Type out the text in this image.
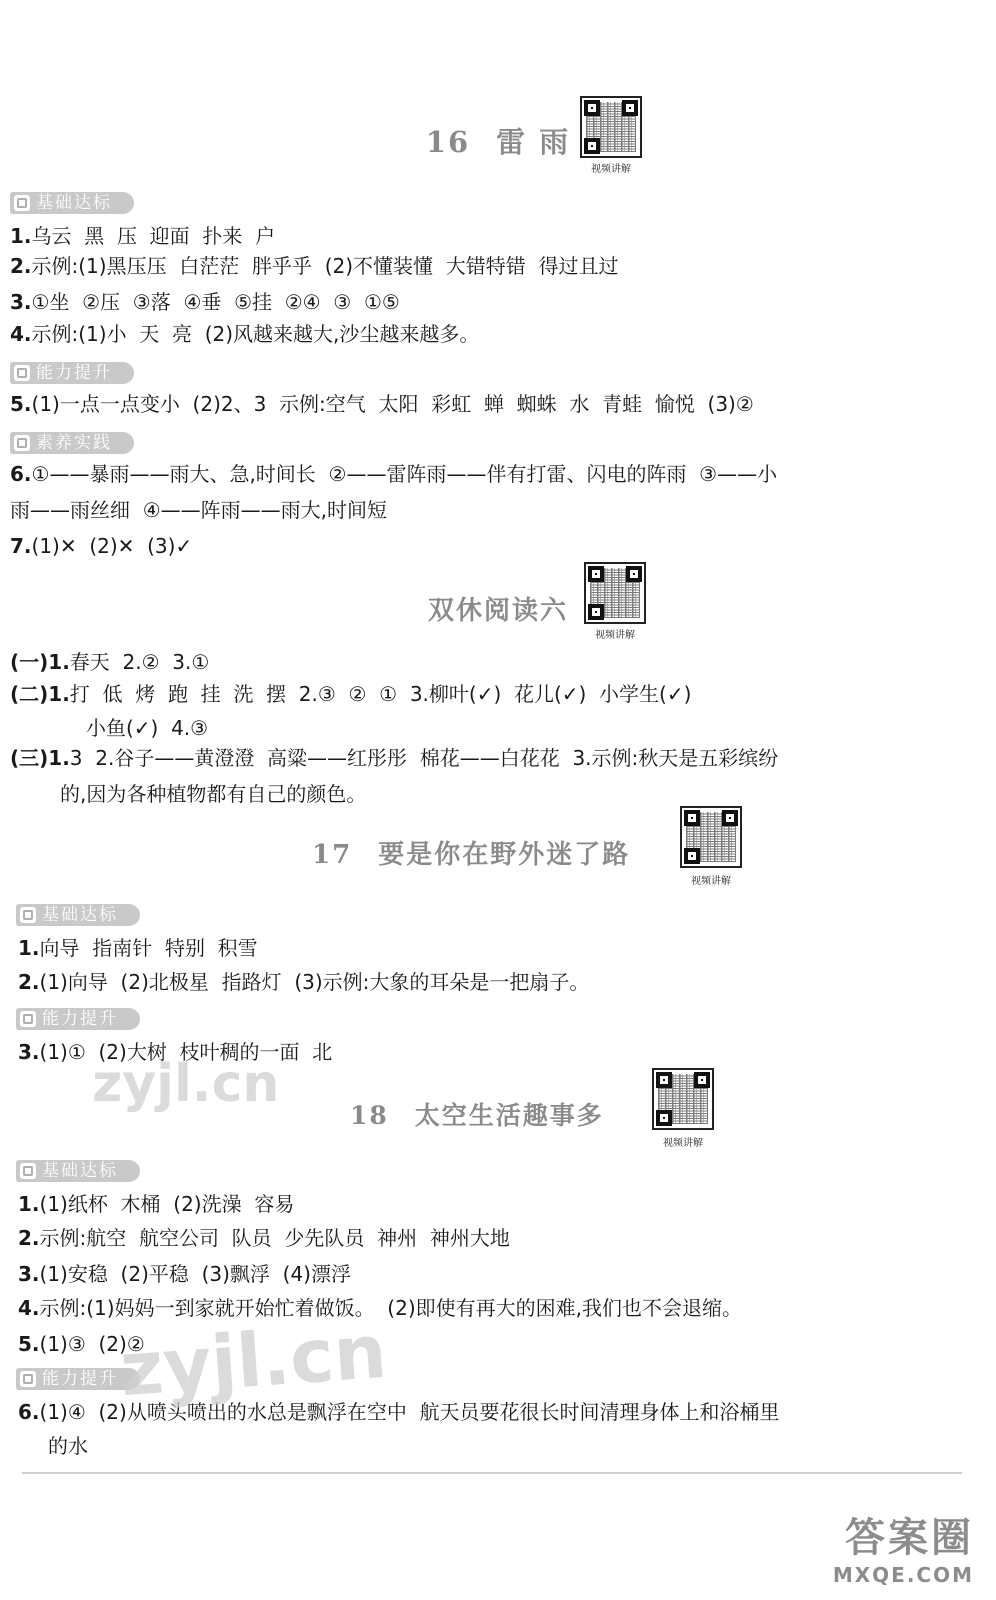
16 雷 雨
视频讲解
基础达标
1.乌云  黑  压  迎面  扑来  户
2.示例:(1)黑压压  白茫茫  胖乎乎  (2)不懂装懂  大错特错  得过且过
3.①坐  ②压  ③落  ④垂  ⑤挂  ②④  ③  ①⑤
4.示例:(1)小  天  亮  (2)风越来越大,沙尘越来越多。
能力提升
5.(1)一点一点变小  (2)2、3  示例:空气  太阳  彩虹  蝉  蜘蛛  水  青蛙  愉悦  (3)②
素养实践
6.①——暴雨——雨大、急,时间长  ②——雷阵雨——伴有打雷、闪电的阵雨  ③——小
雨——雨丝细  ④——阵雨——雨大,时间短
7.(1)✕  (2)✕  (3)✓
双休阅读六
视频讲解
(一)1.春天  2.②  3.①
(二)1.打  低  烤  跑  挂  洗  摆  2.③  ②  ①  3.柳叶(✓)  花儿(✓)  小学生(✓)
小鱼(✓)  4.③
(三)1.3  2.谷子——黄澄澄  高粱——红彤彤  棉花——白花花  3.示例:秋天是五彩缤纷
的,因为各种植物都有自己的颜色。
17 要是你在野外迷了路
视频讲解
基础达标
1.向导  指南针  特别  积雪
2.(1)向导  (2)北极星  指路灯  (3)示例:大象的耳朵是一把扇子。
能力提升
3.(1)①  (2)大树  枝叶稠的一面  北
18 太空生活趣事多
视频讲解
基础达标
1.(1)纸杯  木桶  (2)洗澡  容易
2.示例:航空  航空公司  队员  少先队员  神州  神州大地
3.(1)安稳  (2)平稳  (3)飘浮  (4)漂浮
4.示例:(1)妈妈一到家就开始忙着做饭。  (2)即使有再大的困难,我们也不会退缩。
5.(1)③  (2)②
能力提升
6.(1)④  (2)从喷头喷出的水总是飘浮在空中  航天员要花很长时间清理身体上和浴桶里
的水
zyjl.cn
zyjl.cn
答案圈
MXQE.COM
